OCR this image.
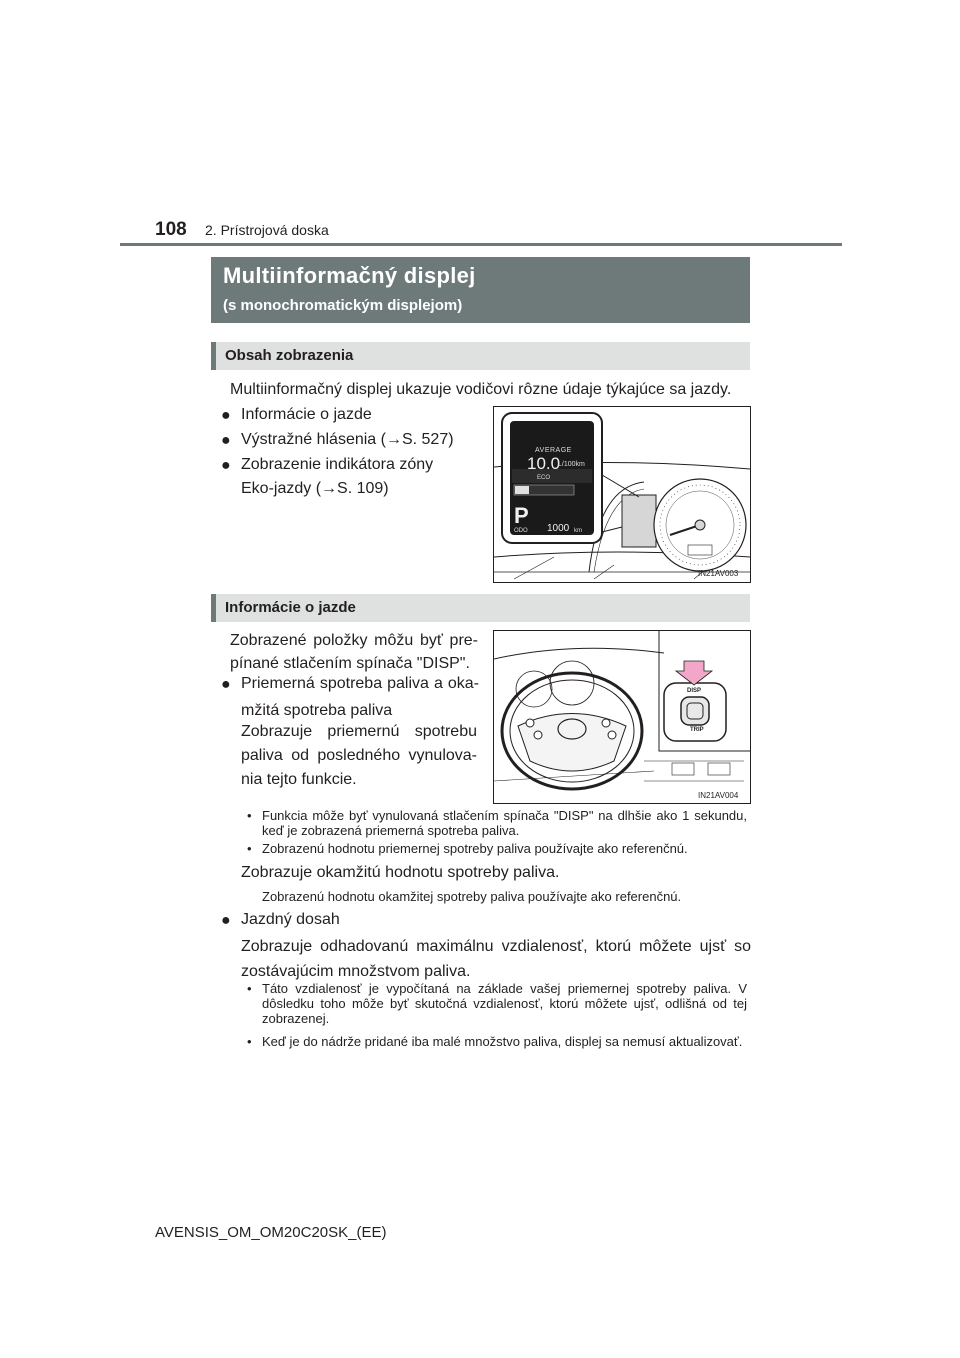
108 2. Prístrojová doska
Multiinformačný displej
(s monochromatickým displejom)
Obsah zobrazenia
Multiinformačný displej ukazuje vodičovi rôzne údaje týkajúce sa jazdy.
● Informácie o jazde
● Výstražné hlásenia (→S. 527)
● Zobrazenie indikátora zóny
Eko-jazdy (→S. 109)
AVERAGE
10.0
L/100km
ECO
P
ODO 1000 km
IN21AV003
Informácie o jazde
Zobrazené položky môžu byť pre-
pínané stlačením spínača "DISP".
● Priemerná spotreba paliva a oka-
mžitá spotreba paliva
Zobrazuje priemernú spotrebu
paliva od posledného vynulova-
nia tejto funkcie.
DISP
TRIP
IN21AV004
• Funkcia môže byť vynulovaná stlačením spínača "DISP" na dlhšie ako 1 sekundu, keď je zobrazená priemerná spotreba paliva.
• Zobrazenú hodnotu priemernej spotreby paliva používajte ako referenčnú.
Zobrazuje okamžitú hodnotu spotreby paliva.
Zobrazenú hodnotu okamžitej spotreby paliva používajte ako referenčnú.
● Jazdný dosah
Zobrazuje odhadovanú maximálnu vzdialenosť, ktorú môžete ujsť so
zostávajúcim množstvom paliva.
• Táto vzdialenosť je vypočítaná na základe vašej priemernej spotreby paliva. V dôsledku toho môže byť skutočná vzdialenosť, ktorú môžete ujsť, odlišná od tej zobrazenej.
• Keď je do nádrže pridané iba malé množstvo paliva, displej sa nemusí aktualizovať.
AVENSIS_OM_OM20C20SK_(EE)
